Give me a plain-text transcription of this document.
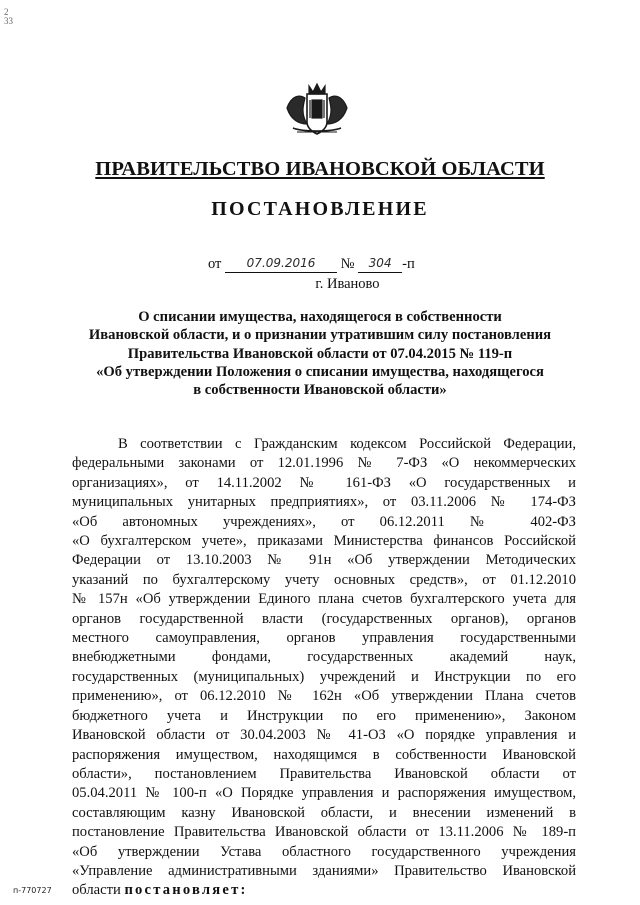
2
33
ПРАВИТЕЛЬСТВО ИВАНОВСКОЙ ОБЛАСТИ
ПОСТАНОВЛЕНИЕ
от 07.09.2016 № 304 -п
г. Иваново
О списании имущества, находящегося в собственности
Ивановской области, и о признании утратившим силу постановления
Правительства Ивановской области от 07.04.2015 № 119-п
«Об утверждении Положения о списании имущества, находящегося
в собственности Ивановской области»
В соответствии с Гражданским кодексом Российской Федерации,
федеральными законами от 12.01.1996 № 7-ФЗ «О некоммерческих
организациях», от 14.11.2002 № 161-ФЗ «О государственных и
муниципальных унитарных предприятиях», от 03.11.2006 № 174-ФЗ
«Об автономных учреждениях», от 06.12.2011 № 402-ФЗ
«О бухгалтерском учете», приказами Министерства финансов Российской
Федерации от 13.10.2003 № 91н «Об утверждении Методических
указаний по бухгалтерскому учету основных средств», от 01.12.2010
№ 157н «Об утверждении Единого плана счетов бухгалтерского учета для
органов государственной власти (государственных органов), органов
местного самоуправления, органов управления государственными
внебюджетными фондами, государственных академий наук,
государственных (муниципальных) учреждений и Инструкции по его
применению», от 06.12.2010 № 162н «Об утверждении Плана счетов
бюджетного учета и Инструкции по его применению», Законом
Ивановской области от 30.04.2003 № 41-ОЗ «О порядке управления и
распоряжения имуществом, находящимся в собственности Ивановской
области», постановлением Правительства Ивановской области от
05.04.2011 № 100-п «О Порядке управления и распоряжения имуществом,
составляющим казну Ивановской области, и внесении изменений в
постановление Правительства Ивановской области от 13.11.2006 № 189-п
«Об утверждении Устава областного государственного учреждения
«Управление административными зданиями» Правительство Ивановской
области постановляет:
п-770727
